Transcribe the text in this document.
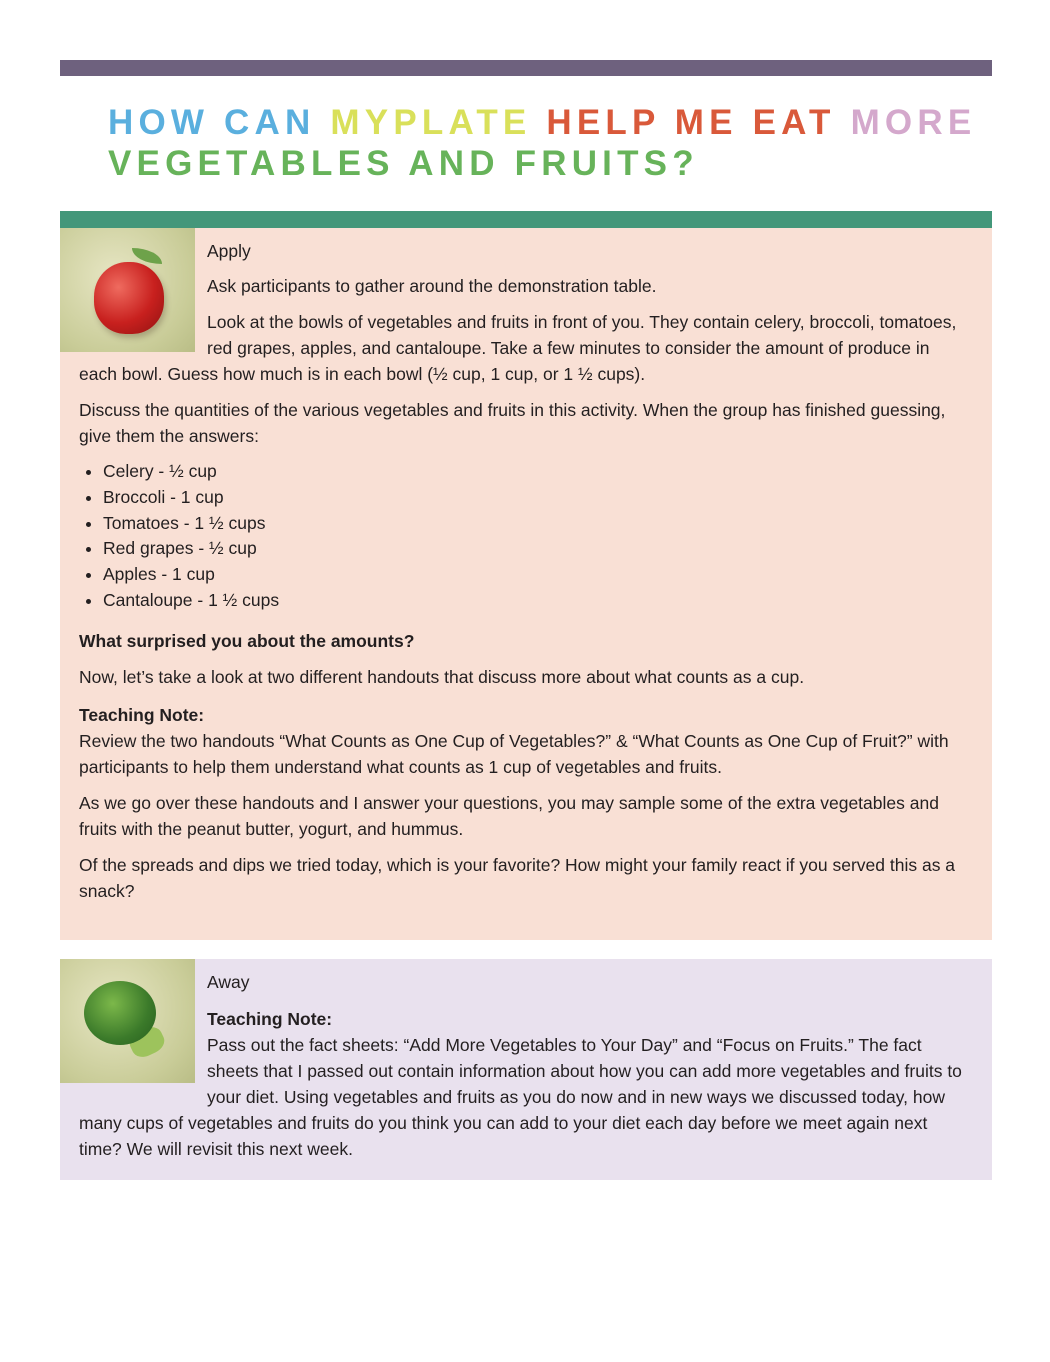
HOW CAN MYPLATE HELP ME EAT MORE
VEGETABLES AND FRUITS?
Apply

Ask participants to gather around the demonstration table.

Look at the bowls of vegetables and fruits in front of you. They contain celery, broccoli, tomatoes, red grapes, apples, and cantaloupe. Take a few minutes to consider the amount of produce in each bowl. Guess how much is in each bowl (½ cup, 1 cup, or 1 ½ cups).

Discuss the quantities of the various vegetables and fruits in this activity. When the group has finished guessing, give them the answers:

• Celery - ½ cup
• Broccoli - 1 cup
• Tomatoes - 1 ½ cups
• Red grapes - ½ cup
• Apples - 1 cup
• Cantaloupe - 1 ½ cups

What surprised you about the amounts?

Now, let’s take a look at two different handouts that discuss more about what counts as a cup.

Teaching Note:
Review the two handouts “What Counts as One Cup of Vegetables?” & “What Counts as One Cup of Fruit?” with participants to help them understand what counts as 1 cup of vegetables and fruits.

As we go over these handouts and I answer your questions, you may sample some of the extra vegetables and fruits with the peanut butter, yogurt, and hummus.

Of the spreads and dips we tried today, which is your favorite? How might your family react if you served this as a snack?

Away
Teaching Note:
Pass out the fact sheets: “Add More Vegetables to Your Day” and “Focus on Fruits.” The fact sheets that I passed out contain information about how you can add more vegetables and fruits to your diet. Using vegetables and fruits as you do now and in new ways we discussed today, how many cups of vegetables and fruits do you think you can add to your diet each day before we meet again next time? We will revisit this next week.
